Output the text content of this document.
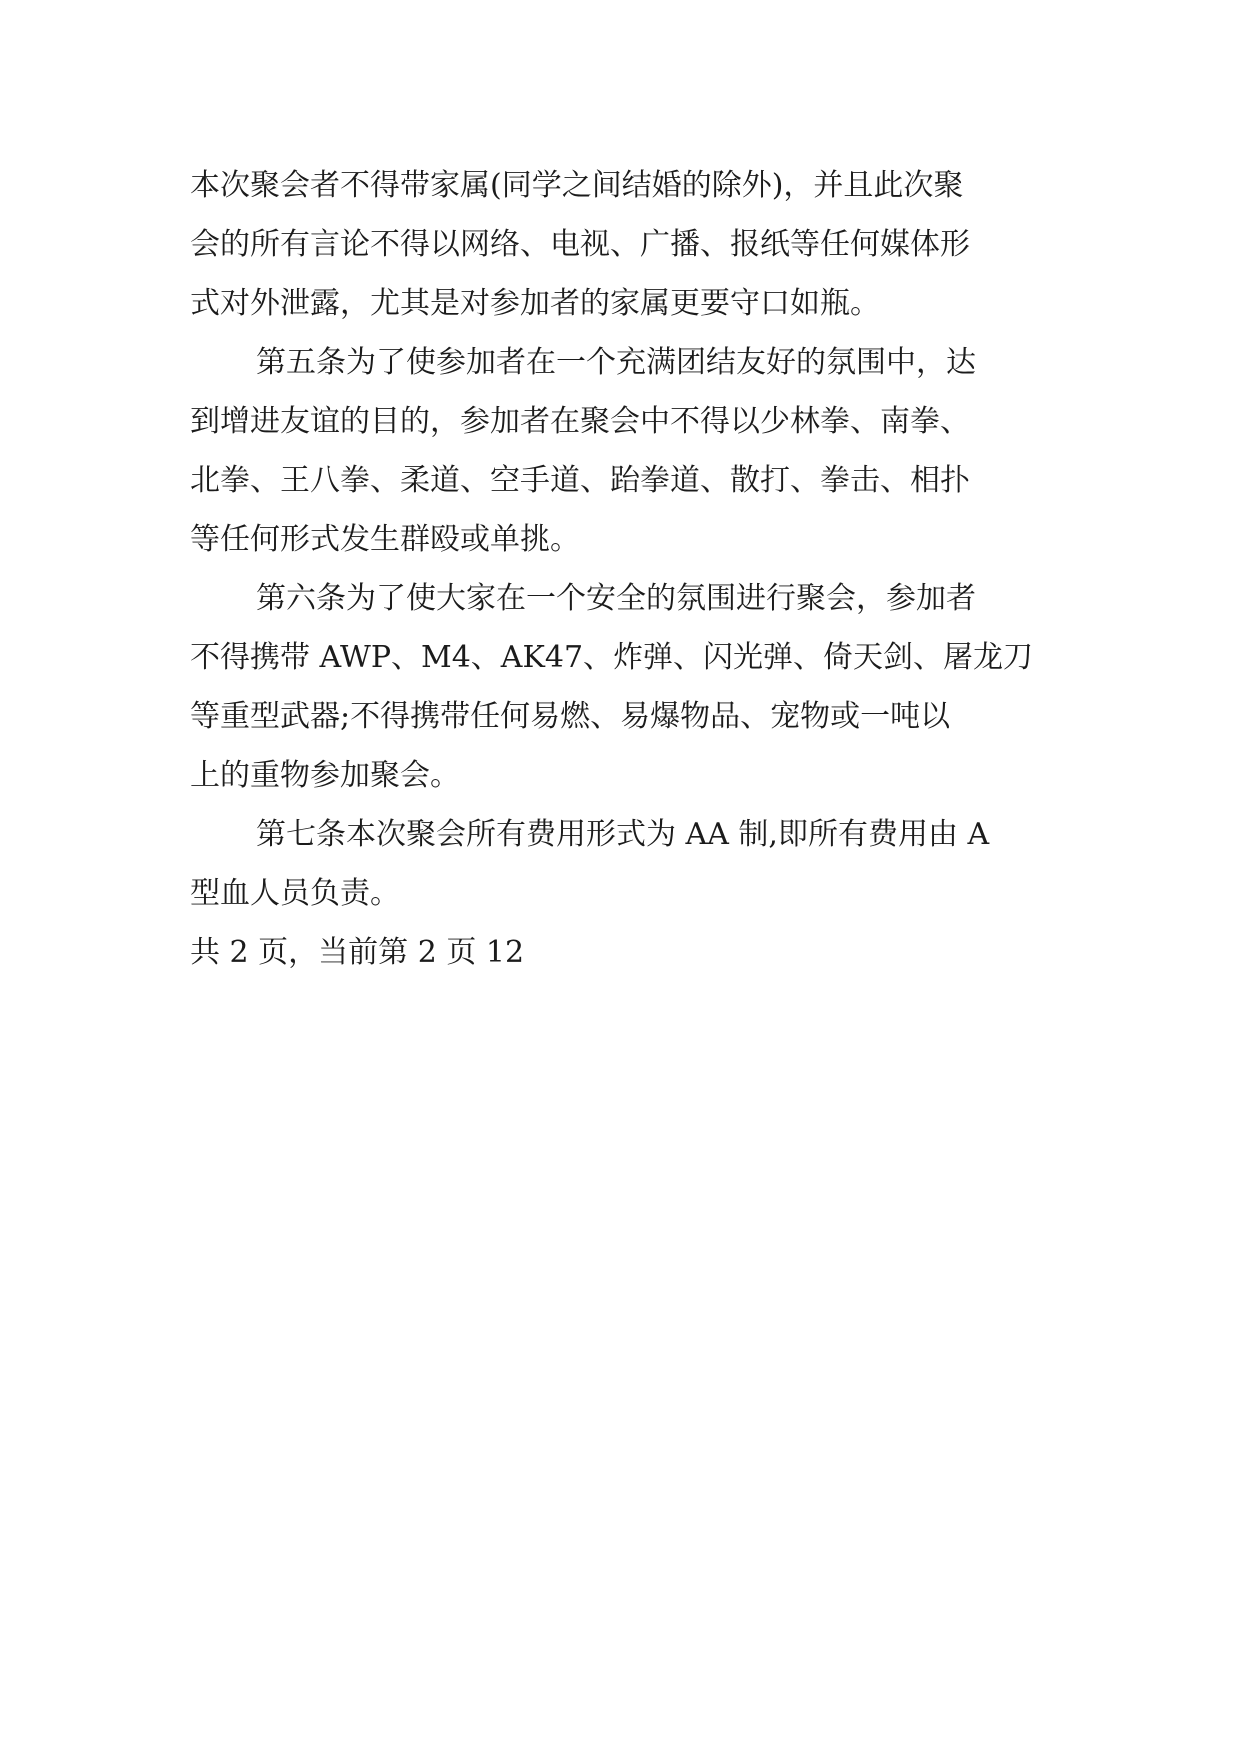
本次聚会者不得带家属(同学之间结婚的除外)，并且此次聚

会的所有言论不得以网络、电视、广播、报纸等任何媒体形

式对外泄露，尤其是对参加者的家属更要守口如瓶。

第五条为了使参加者在一个充满团结友好的氛围中，达

到增进友谊的目的，参加者在聚会中不得以少林拳、南拳、

北拳、王八拳、柔道、空手道、跆拳道、散打、拳击、相扑

等任何形式发生群殴或单挑。

第六条为了使大家在一个安全的氛围进行聚会，参加者

不得携带 AWP、M4、AK47、炸弹、闪光弹、倚天剑、屠龙刀

等重型武器;不得携带任何易燃、易爆物品、宠物或一吨以

上的重物参加聚会。

第七条本次聚会所有费用形式为 AA 制,即所有费用由 A

型血人员负责。

共 2 页，当前第 2 页 12
